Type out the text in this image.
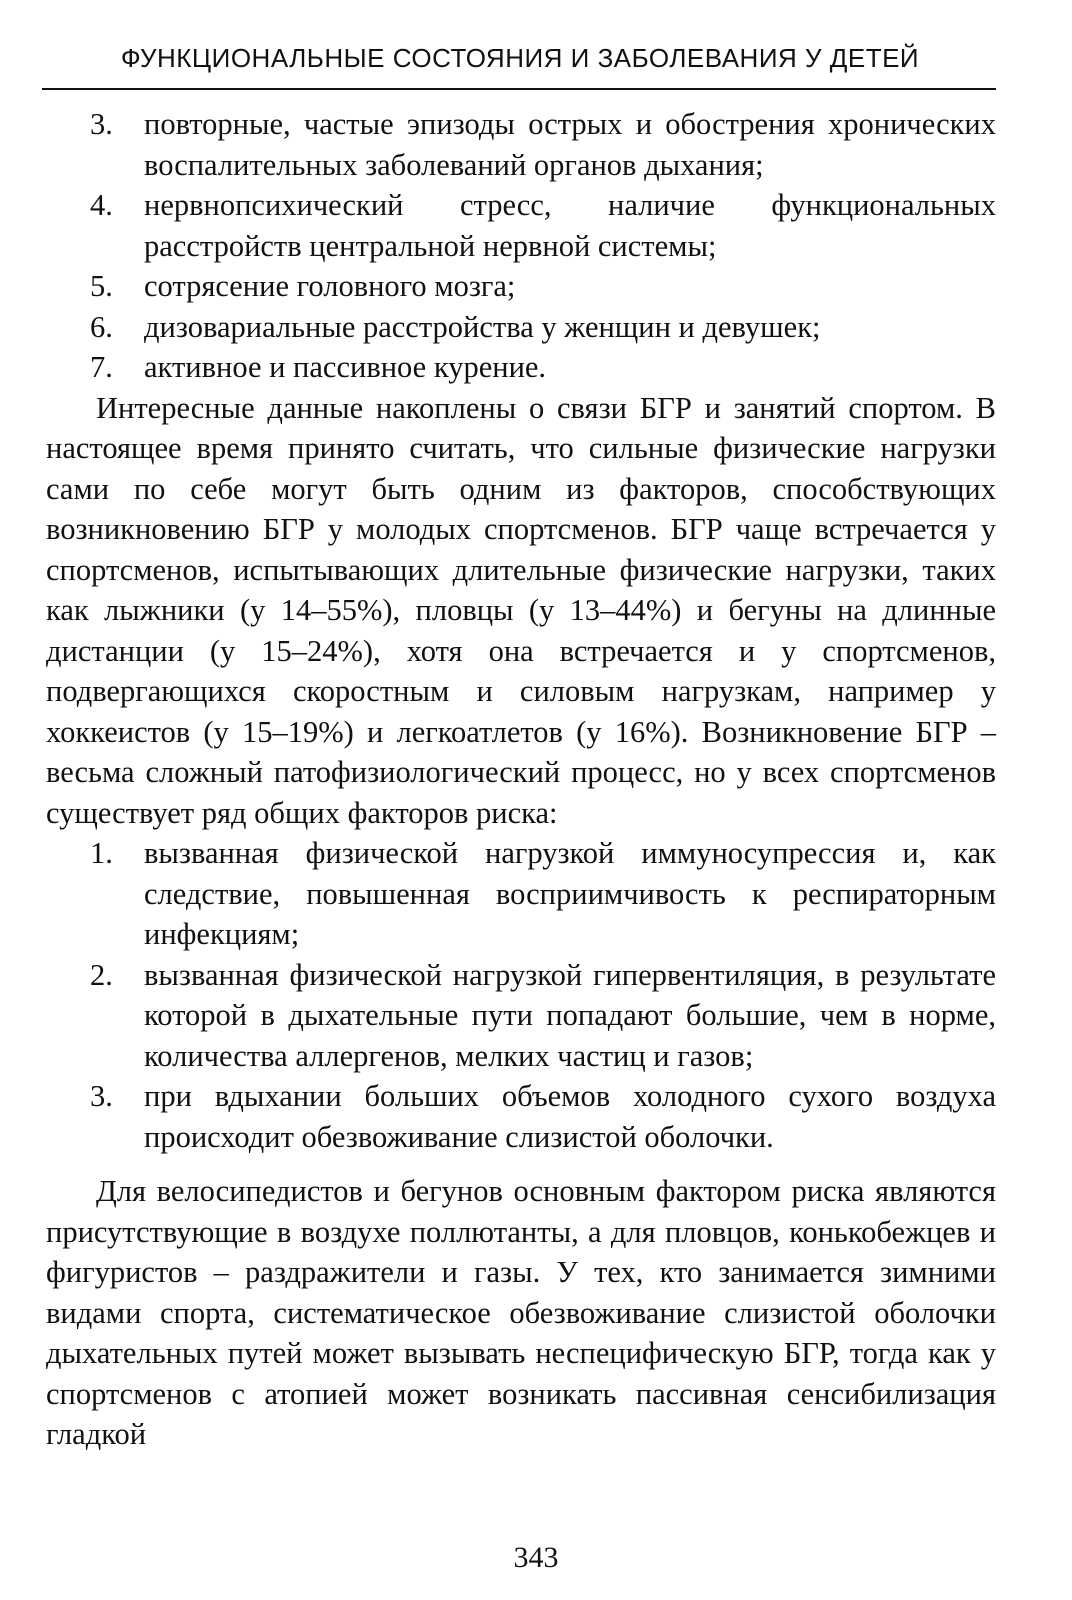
ФУНКЦИОНАЛЬНЫЕ СОСТОЯНИЯ И ЗАБОЛЕВАНИЯ У ДЕТЕЙ
3. повторные, частые эпизоды острых и обострения хронических воспалительных заболеваний органов дыхания;
4. нервнопсихический стресс, наличие функциональных расстройств центральной нервной системы;
5. сотрясение головного мозга;
6. дизовариальные расстройства у женщин и девушек;
7. активное и пассивное курение.

Интересные данные накоплены о связи БГР и занятий спортом. В настоящее время принято считать, что сильные физические нагрузки сами по себе могут быть одним из факторов, способствующих возникновению БГР у молодых спортсменов. БГР чаще встречается у спортсменов, испытывающих длительные физические нагрузки, таких как лыжники (у 14–55%), пловцы (у 13–44%) и бегуны на длинные дистанции (у 15–24%), хотя она встречается и у спортсменов, подвергающихся скоростным и силовым нагрузкам, например у хоккеистов (у 15–19%) и легкоатлетов (у 16%). Возникновение БГР – весьма сложный патофизиологический процесс, но у всех спортсменов существует ряд общих факторов риска:

1. вызванная физической нагрузкой иммуносупрессия и, как следствие, повышенная восприимчивость к респираторным инфекциям;
2. вызванная физической нагрузкой гипервентиляция, в результате которой в дыхательные пути попадают большие, чем в норме, количества аллергенов, мелких частиц и газов;
3. при вдыхании больших объемов холодного сухого воздуха происходит обезвоживание слизистой оболочки.

Для велосипедистов и бегунов основным фактором риска являются присутствующие в воздухе поллютанты, а для пловцов, конькобежцев и фигуристов – раздражители и газы. У тех, кто занимается зимними видами спорта, систематическое обезвоживание слизистой оболочки дыхательных путей может вызывать неспецифическую БГР, тогда как у спортсменов с атопией может возникать пассивная сенсибилизация гладкой

343
